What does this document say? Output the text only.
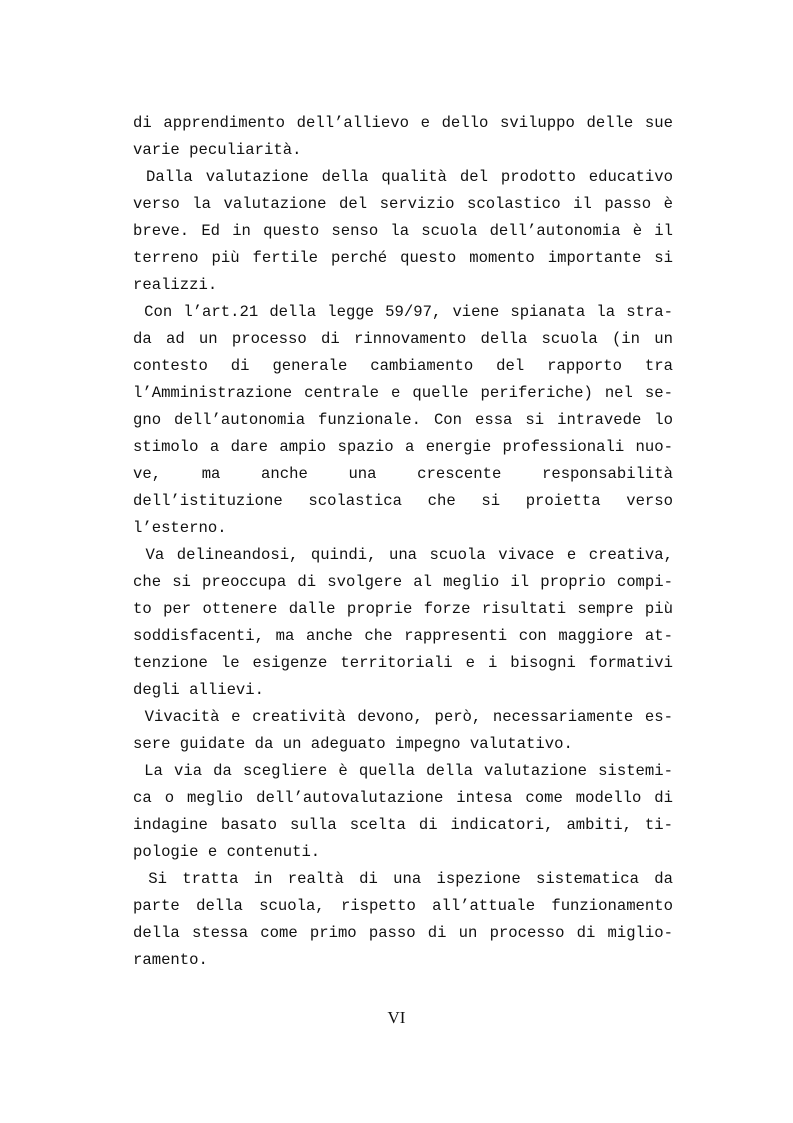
di apprendimento dell’allievo e dello sviluppo delle sue
varie peculiarità.
Dalla valutazione della qualità del prodotto educativo
verso la valutazione del servizio scolastico il passo è
breve. Ed in questo senso la scuola dell’autonomia è il
terreno più fertile perché questo momento importante si
realizzi.
Con l’art.21 della legge 59/97, viene spianata la stra-
da ad un processo di rinnovamento della scuola (in un
contesto di generale cambiamento del rapporto tra
l’Amministrazione centrale e quelle periferiche) nel se-
gno dell’autonomia funzionale. Con essa si intravede lo
stimolo a dare ampio spazio a energie professionali nuo-
ve, ma anche una crescente responsabilità
dell’istituzione scolastica che si proietta verso
l’esterno.
Va delineandosi, quindi, una scuola vivace e creativa,
che si preoccupa di svolgere al meglio il proprio compi-
to per ottenere dalle proprie forze risultati sempre più
soddisfacenti, ma anche che rappresenti con maggiore at-
tenzione le esigenze territoriali e i bisogni formativi
degli allievi.
Vivacità e creatività devono, però, necessariamente es-
sere guidate da un adeguato impegno valutativo.
La via da scegliere è quella della valutazione sistemi-
ca o meglio dell’autovalutazione intesa come modello di
indagine basato sulla scelta di indicatori, ambiti, ti-
pologie e contenuti.
Si tratta in realtà di una ispezione sistematica da
parte della scuola, rispetto all’attuale funzionamento
della stessa come primo passo di un processo di miglio-
ramento.
VI
